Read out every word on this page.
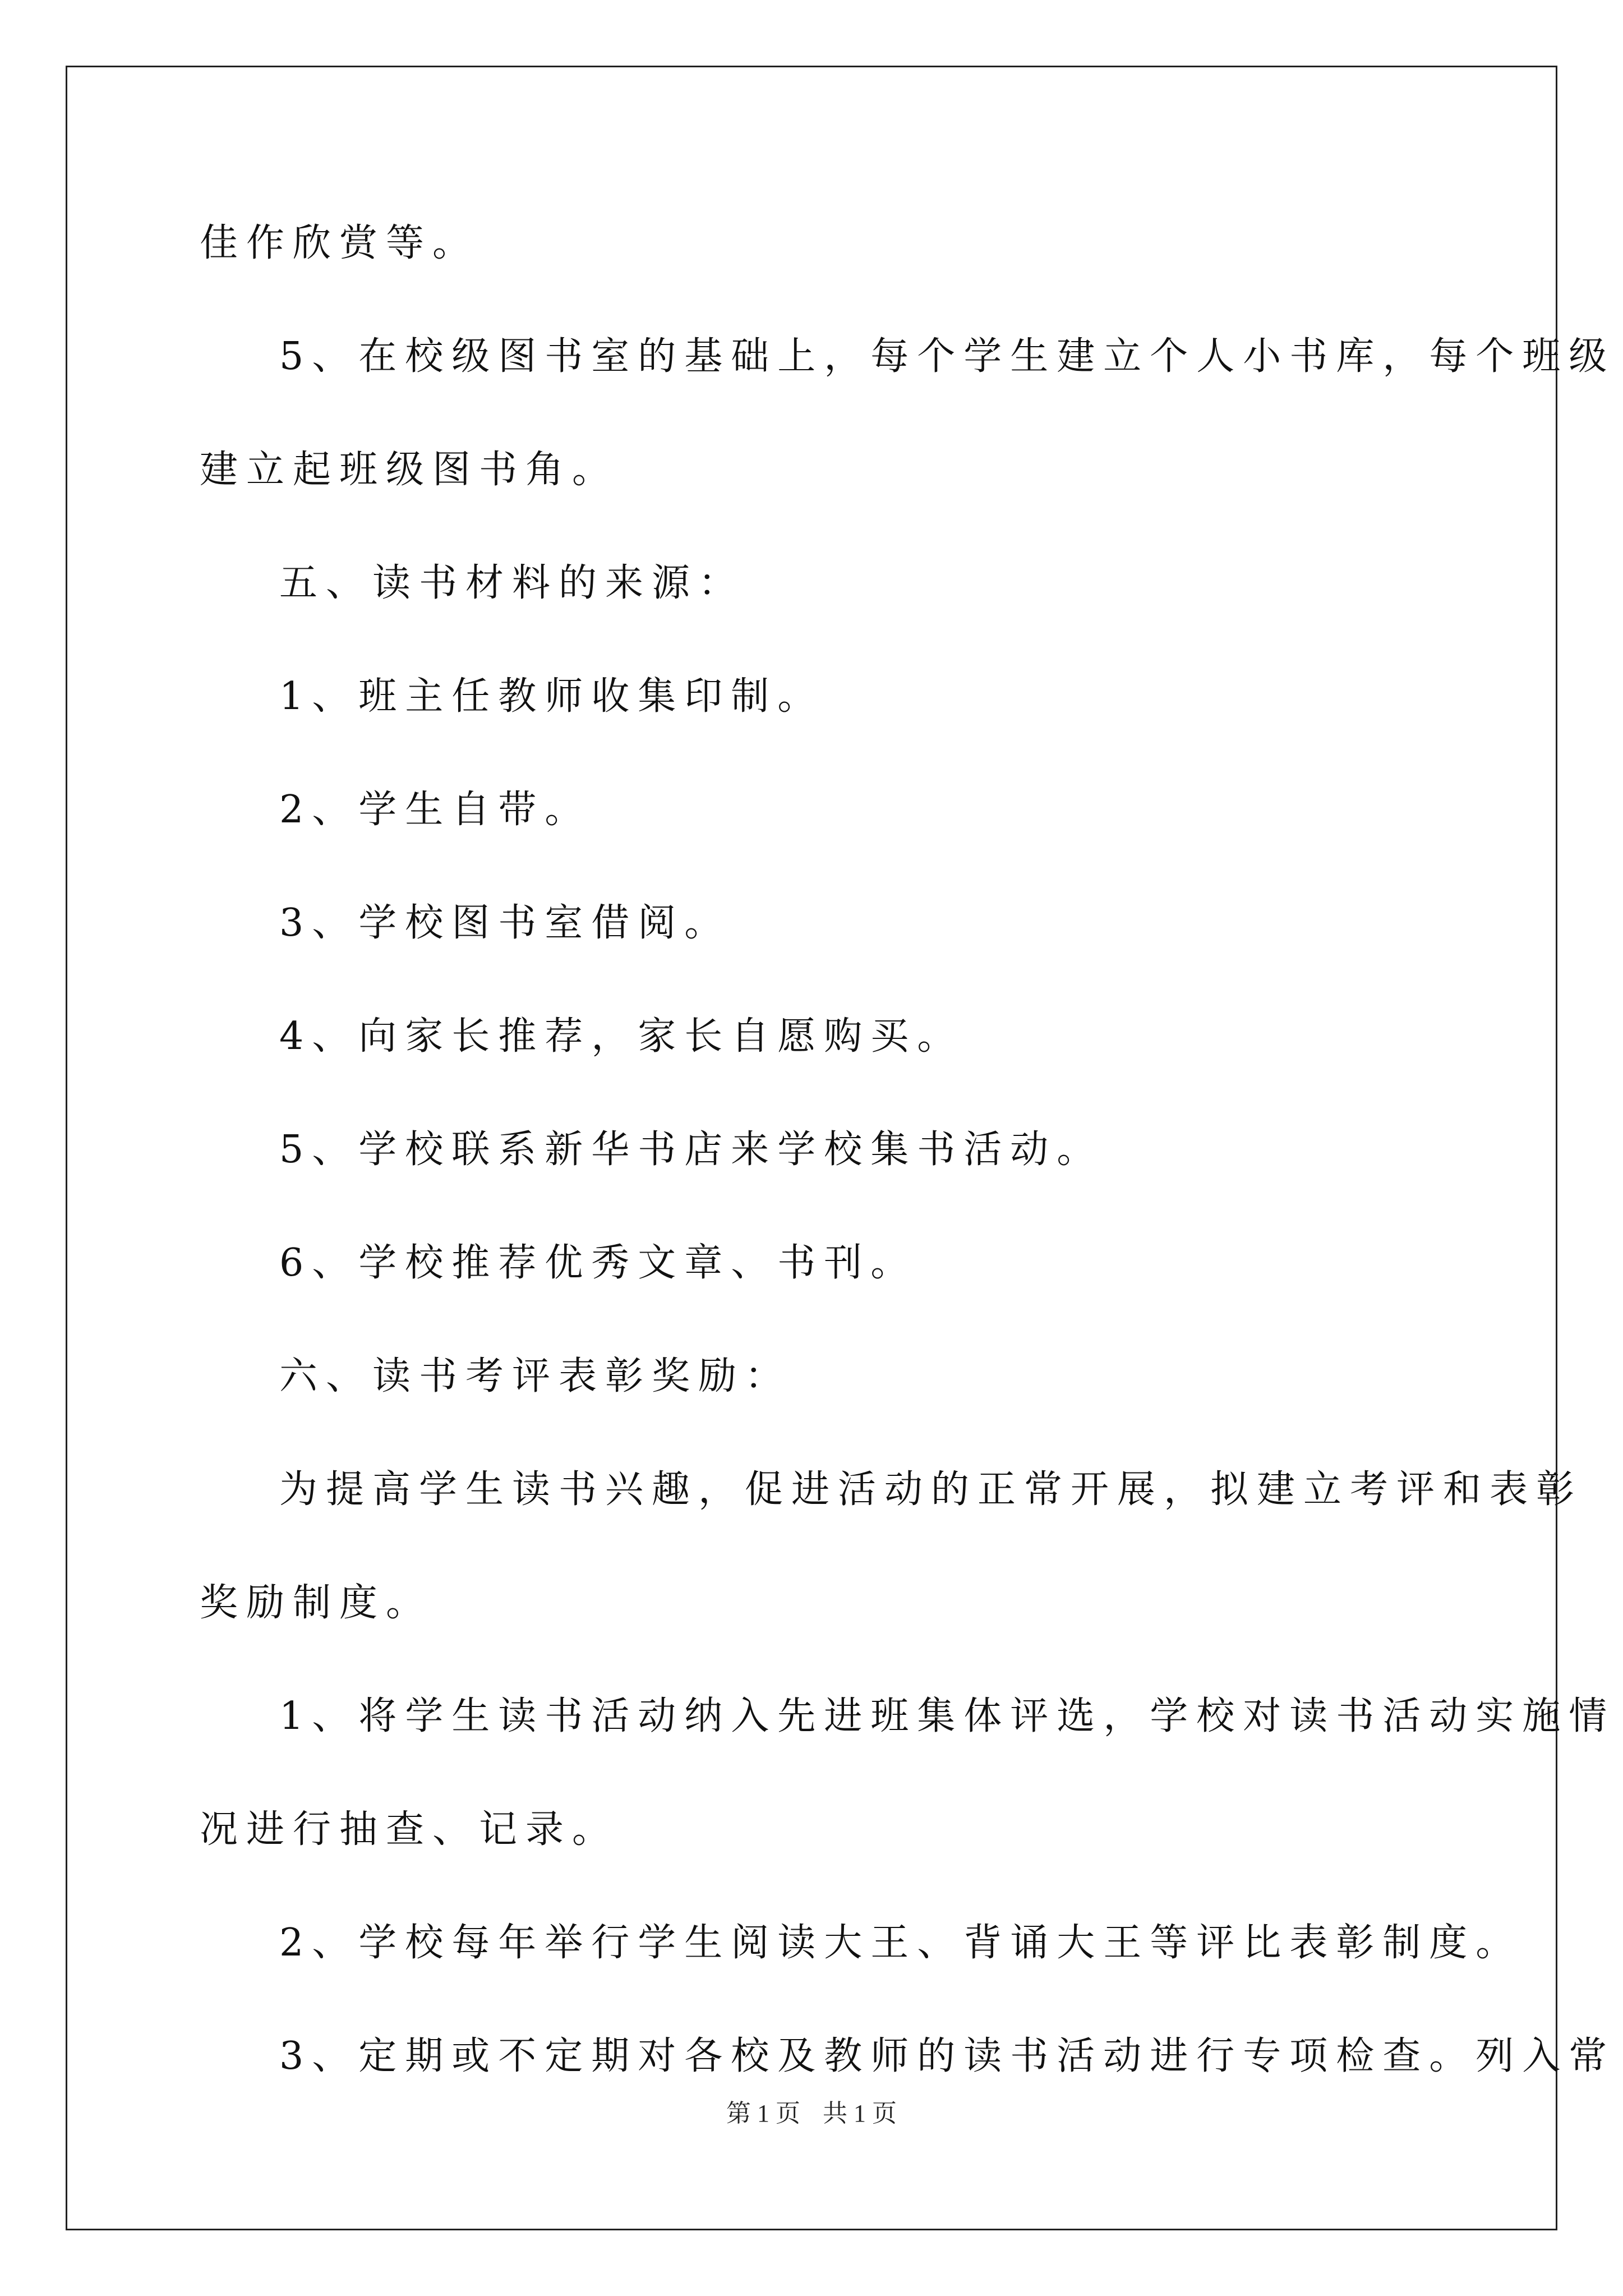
佳作欣赏等。
5、在校级图书室的基础上，每个学生建立个人小书库，每个班级
建立起班级图书角。
五、读书材料的来源：
1、班主任教师收集印制。
2、学生自带。
3、学校图书室借阅。
4、向家长推荐，家长自愿购买。
5、学校联系新华书店来学校集书活动。
6、学校推荐优秀文章、书刊。
六、读书考评表彰奖励：
为提高学生读书兴趣，促进活动的正常开展，拟建立考评和表彰
奖励制度。
1、将学生读书活动纳入先进班集体评选，学校对读书活动实施情
况进行抽查、记录。
2、学校每年举行学生阅读大王、背诵大王等评比表彰制度。
3、定期或不定期对各校及教师的读书活动进行专项检查。列入常
第 1 页 共 1 页
